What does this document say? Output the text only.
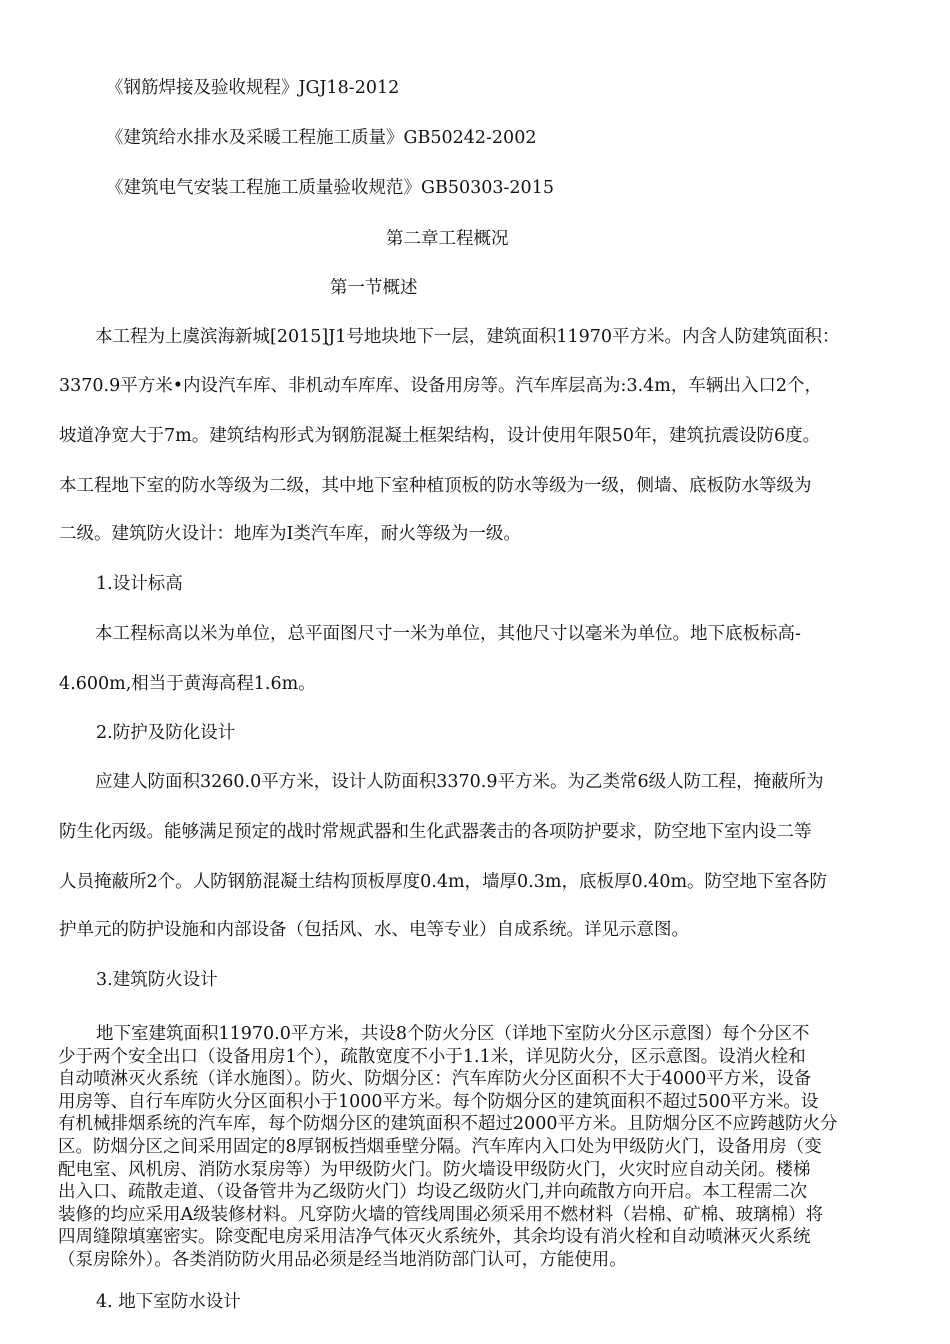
《钢筋焊接及验收规程》JGJ18-2012
《建筑给水排水及采暖工程施工质量》GB50242-2002
《建筑电气安装工程施工质量验收规范》GB50303-2015
第二章工程概况
第一节概述
本工程为上虞滨海新城[2015]J1号地块地下一层，建筑面积11970平方米。内含人防建筑面积：
3370.9平方米•内设汽车库、非机动车库库、设备用房等。汽车库层高为:3.4m，车辆出入口2个，
坡道净宽大于7m。建筑结构形式为钢筋混凝土框架结构，设计使用年限50年，建筑抗震设防6度。
本工程地下室的防水等级为二级，其中地下室种植顶板的防水等级为一级，侧墙、底板防水等级为
二级。建筑防火设计：地库为I类汽车库，耐火等级为一级。
1.设计标高
本工程标高以米为单位，总平面图尺寸一米为单位，其他尺寸以毫米为单位。地下底板标高-
4.600m,相当于黄海高程1.6m。
2.防护及防化设计
应建人防面积3260.0平方米，设计人防面积3370.9平方米。为乙类常6级人防工程，掩蔽所为
防生化丙级。能够满足预定的战时常规武器和生化武器袭击的各项防护要求，防空地下室内设二等
人员掩蔽所2个。人防钢筋混凝土结构顶板厚度0.4m，墙厚0.3m，底板厚0.40m。防空地下室各防
护单元的防护设施和内部设备（包括风、水、电等专业）自成系统。详见示意图。
3.建筑防火设计

地下室建筑面积11970.0平方米，共设8个防火分区（详地下室防火分区示意图）每个分区不

少于两个安全出口（设备用房1个），疏散宽度不小于1.1米，详见防火分，区示意图。设消火栓和

自动喷淋灭火系统（详水施图）。防火、防烟分区：汽车库防火分区面积不大于4000平方米，设备

用房等、自行车库防火分区面积小于1000平方米。每个防烟分区的建筑面积不超过500平方米。设

有机械排烟系统的汽车库，每个防烟分区的建筑面积不超过2000平方米。且防烟分区不应跨越防火分

区。防烟分区之间采用固定的8厚钢板挡烟垂壁分隔。汽车库内入口处为甲级防火门，设备用房（变

配电室、风机房、消防水泵房等）为甲级防火门。防火墙设甲级防火门，火灾时应自动关闭。楼梯

出入口、疏散走道、（设备管井为乙级防火门）均设乙级防火门,并向疏散方向开启。本工程需二次

装修的均应采用A级装修材料。凡穿防火墙的管线周围必须采用不燃材料（岩棉、矿棉、玻璃棉）将

四周缝隙填塞密实。除变配电房采用洁净气体灭火系统外，其余均设有消火栓和自动喷淋灭火系统

（泵房除外）。各类消防防火用品必须是经当地消防部门认可，方能使用。

4. 地下室防水设计
